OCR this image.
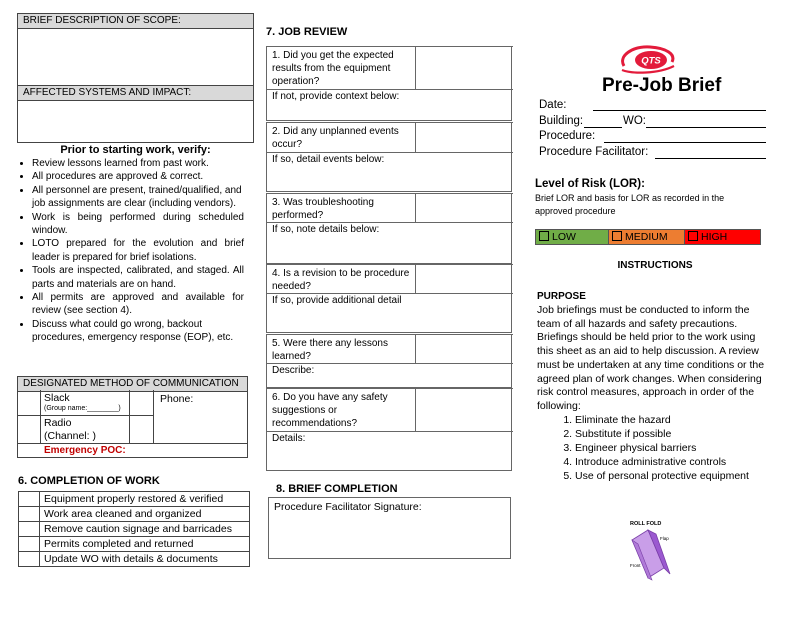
BRIEF DESCRIPTION OF SCOPE:
AFFECTED SYSTEMS AND IMPACT:
Prior to starting work, verify:
• Review lessons learned from past work.
• All procedures are approved & correct.
• All personnel are present, trained/qualified, and job assignments are clear (including vendors).
• Work is being performed during scheduled window.
• LOTO prepared for the evolution and brief leader is prepared for brief isolations.
• Tools are inspected, calibrated, and staged. All parts and materials are on hand.
• All permits are approved and available for review (see section 4).
• Discuss what could go wrong, backout procedures, emergency response (EOP), etc.
DESIGNATED METHOD OF COMMUNICATION
Slack
(Group name:________)
Phone:
Radio
(Channel: )
Emergency POC:
6. COMPLETION OF WORK
	Equipment properly restored & verified
	Work area cleaned and organized
	Remove caution signage and barricades
	Permits completed and returned
	Update WO with details & documents
7. JOB REVIEW
1. Did you get the expected results from the equipment operation?
If not, provide context below:
2. Did any unplanned events occur?
If so, detail events below:
3. Was troubleshooting performed?
If so, note details below:
4. Is a revision to be procedure needed?
If so, provide additional detail
5. Were there any lessons learned?
Describe:
6. Do you have any safety suggestions or recommendations?
Details:
8. BRIEF COMPLETION
Procedure Facilitator Signature:
QTS
Pre-Job Brief
Date:
Building:	WO:
Procedure:
Procedure Facilitator:
Level of Risk (LOR):
Brief LOR and basis for LOR as recorded in the approved procedure
LOW	MEDIUM	HIGH
INSTRUCTIONS
PURPOSE
Job briefings must be conducted to inform the team of all hazards and safety precautions. Briefings should be held prior to the work using this sheet as an aid to help discussion. A review must be undertaken at any time conditions or the agreed plan of work changes. When considering risk control measures, approach in order of the following:
1. Eliminate the hazard
2. Substitute if possible
3. Engineer physical barriers
4. Introduce administrative controls
5. Use of personal protective equipment
ROLL FOLD
Flap
Front
